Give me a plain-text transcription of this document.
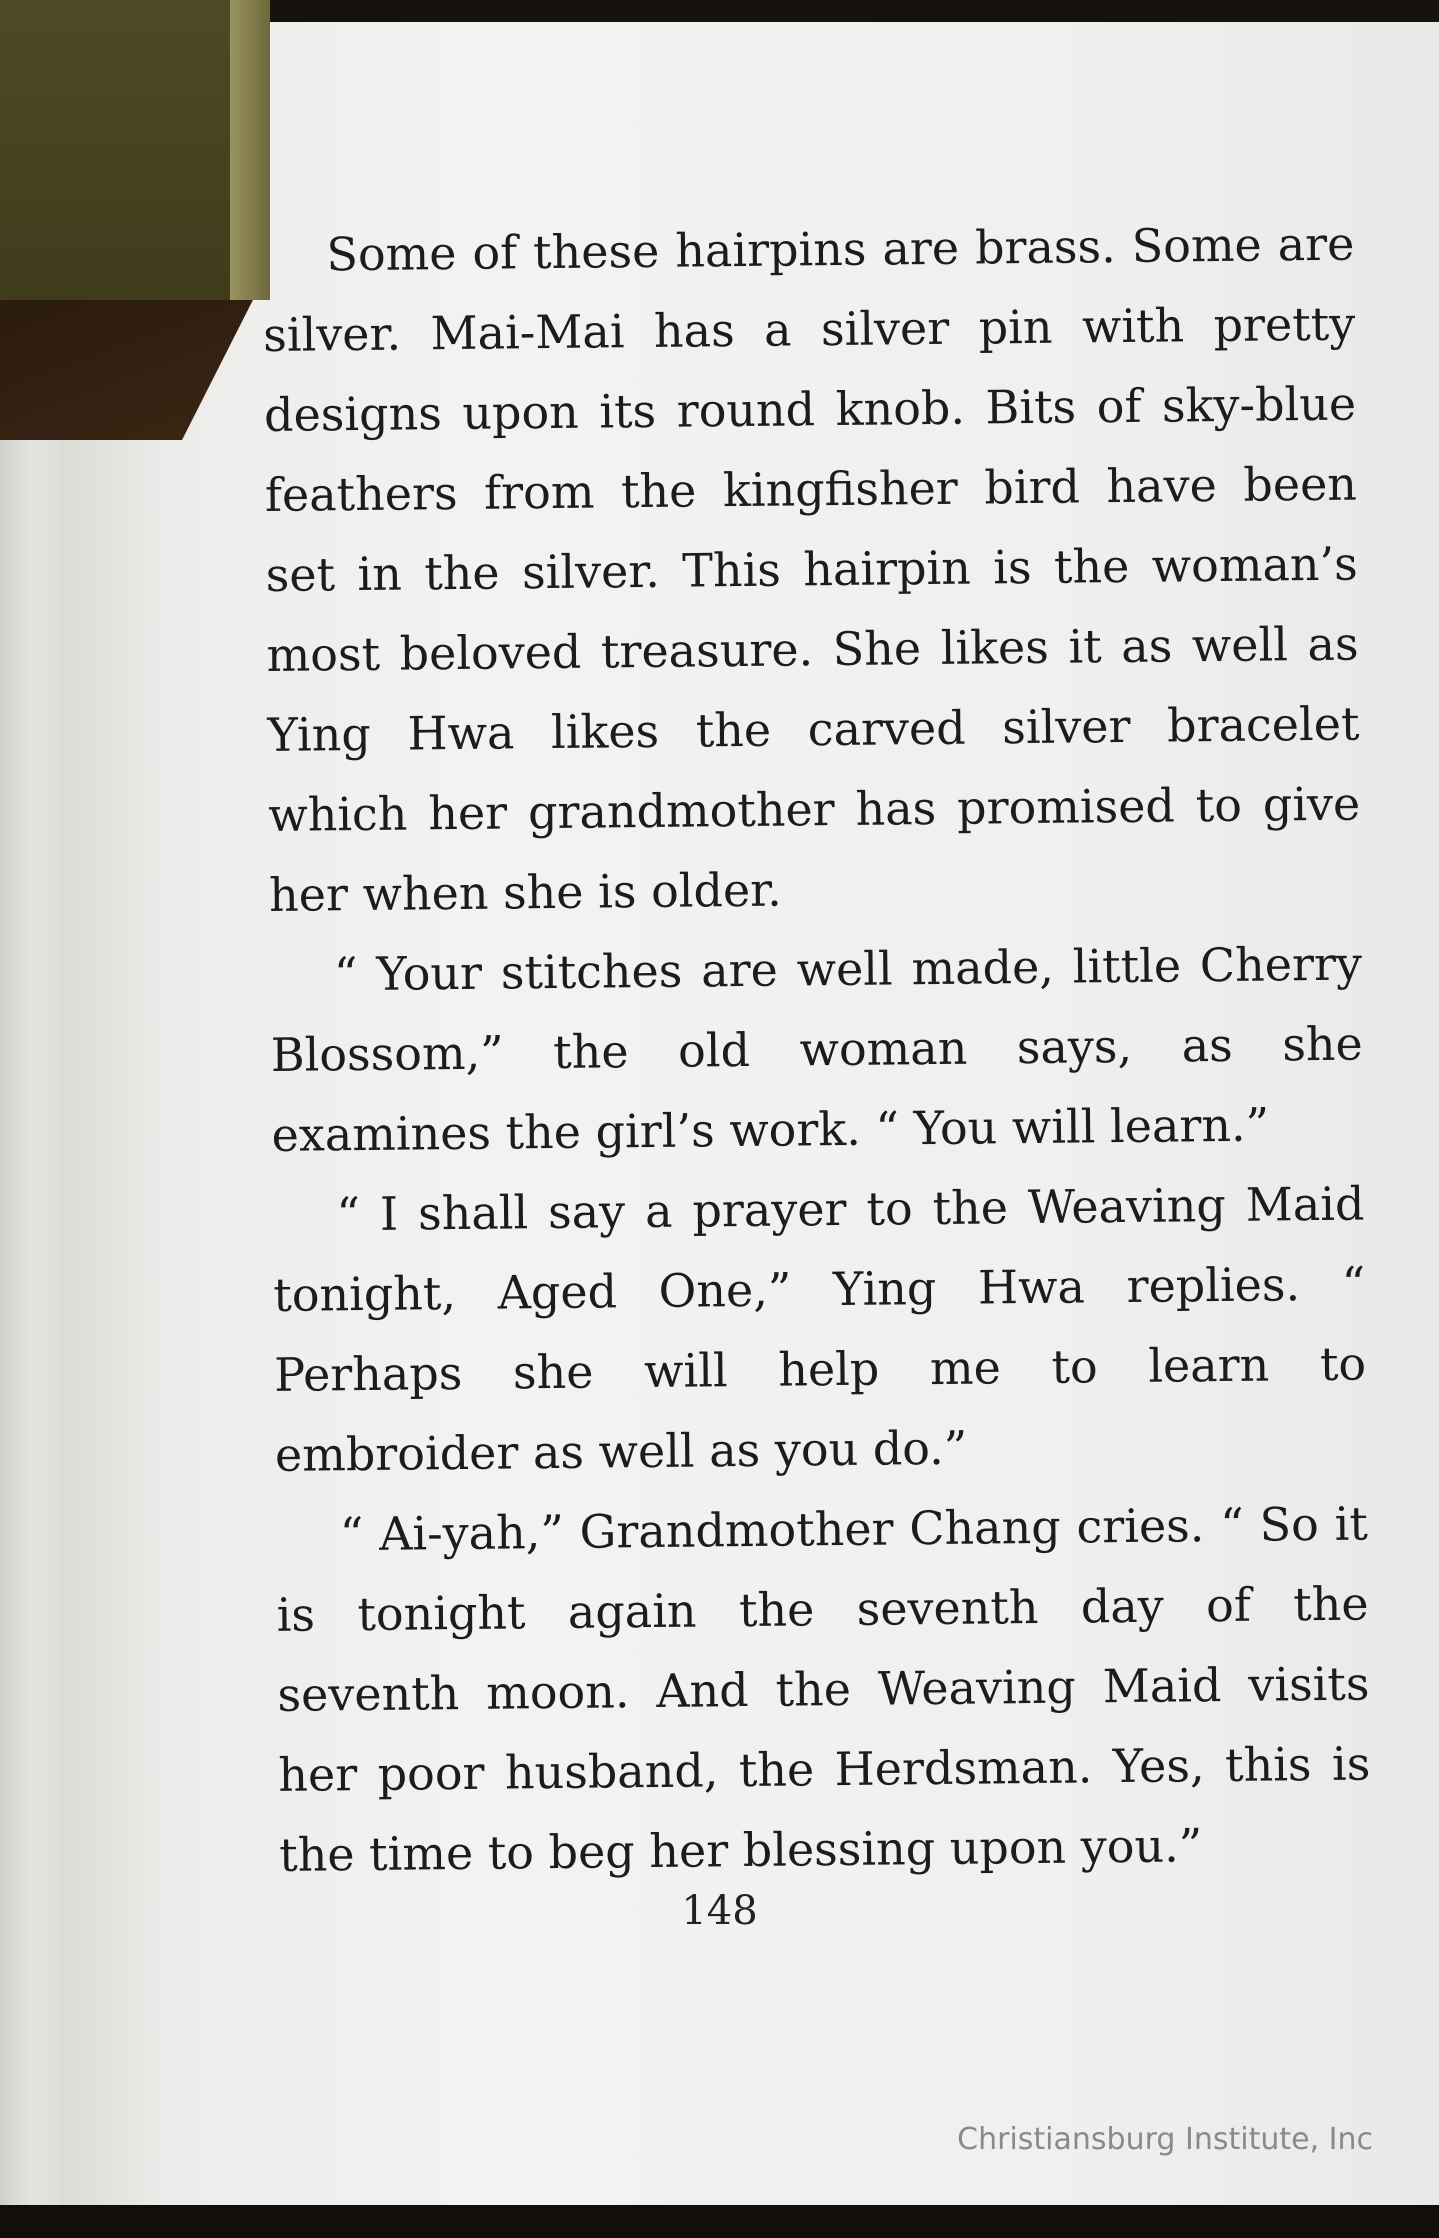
Some of these hairpins are brass. Some are silver. Mai-Mai has a silver pin with pretty designs upon its round knob. Bits of sky-blue feathers from the kingfisher bird have been set in the silver. This hairpin is the woman’s most beloved treasure. She likes it as well as Ying Hwa likes the carved silver bracelet which her grandmother has promised to give her when she is older.

“ Your stitches are well made, little Cherry Blossom,” the old woman says, as she examines the girl’s work. “ You will learn.”

“ I shall say a prayer to the Weaving Maid tonight, Aged One,” Ying Hwa replies. “ Perhaps she will help me to learn to embroider as well as you do.”

“ Ai-yah,” Grandmother Chang cries. “ So it is tonight again the seventh day of the seventh moon. And the Weaving Maid visits her poor husband, the Herdsman. Yes, this is the time to beg her blessing upon you.”

148
Christiansburg Institute, Inc
